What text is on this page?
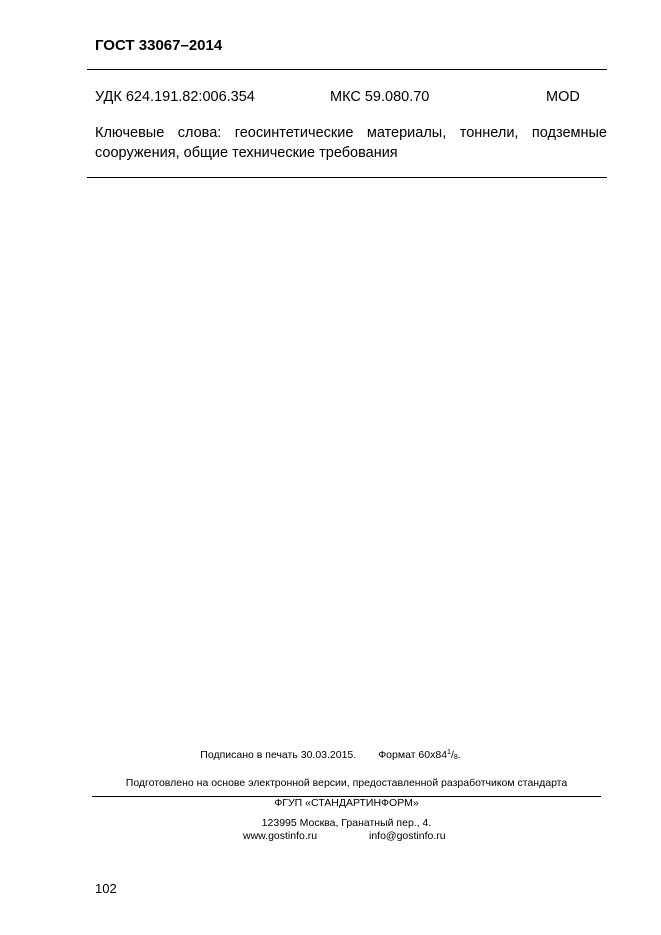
ГОСТ 33067–2014
УДК 624.191.82:006.354	МКС 59.080.70	MOD
Ключевые слова: геосинтетические материалы, тоннели, подземные сооружения, общие технические требования
Подписано в печать 30.03.2015. Формат $60x84^1/_8$.
Подготовлено на основе электронной версии, предоставленной разработчиком стандарта
ФГУП «СТАНДАРТИНФОРМ»
123995 Москва, Гранатный пер., 4.
www.gostinfo.ru	info@gostinfo.ru
102
